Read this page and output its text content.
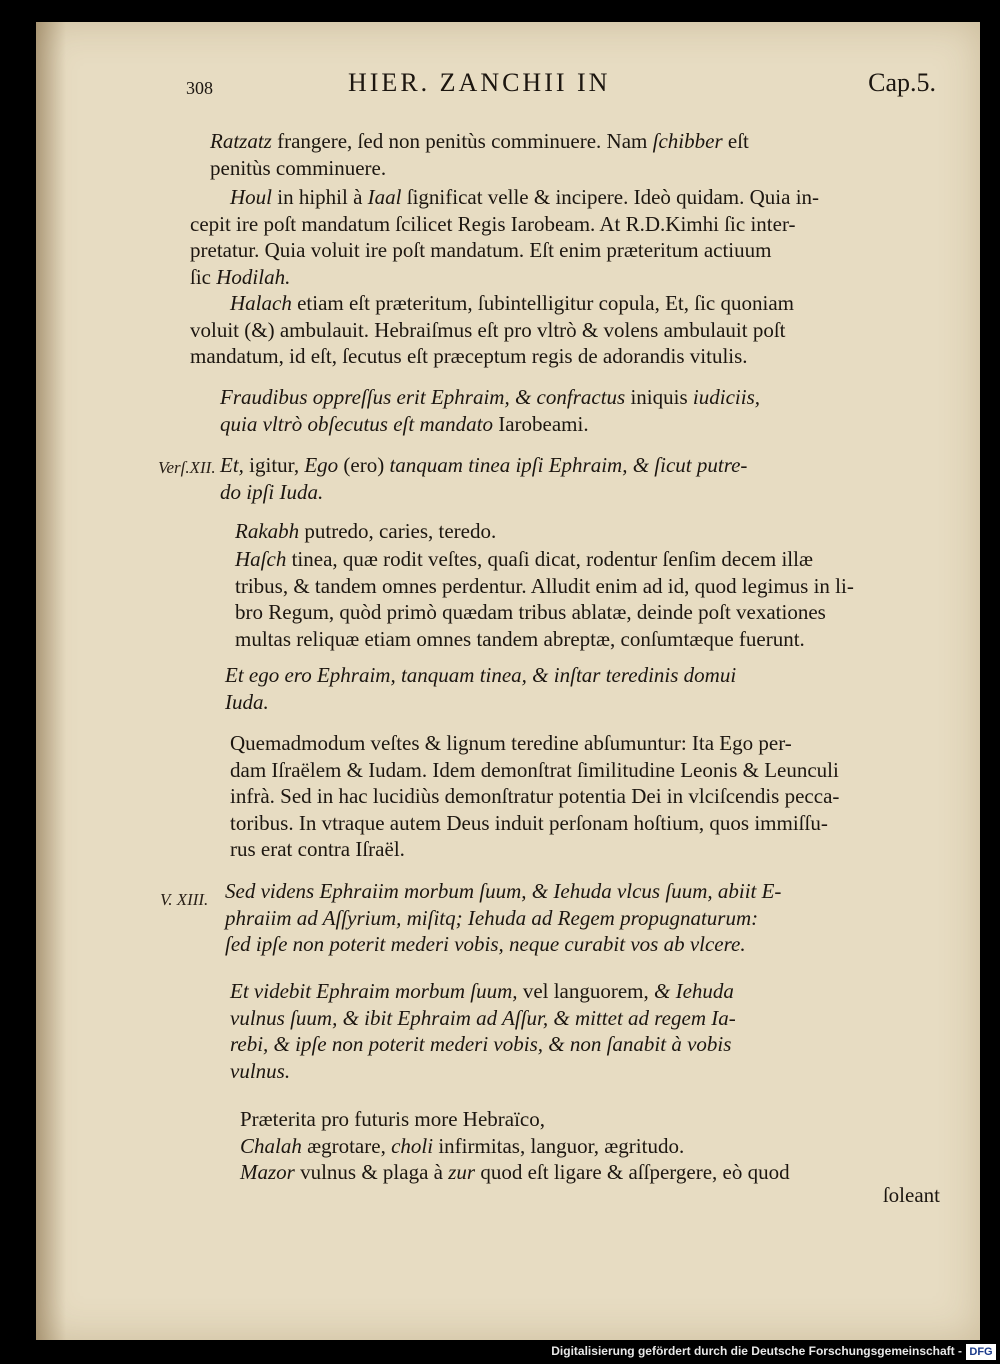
308	HIER. ZANCHII IN	Cap.5.
Verſ.XII.
V. XIII.
Ratzatz frangere, ſed non penitùs comminuere. Nam ſchibber eſt
penitùs comminuere.
Houl in hiphil à Iaal ſignificat velle & incipere. Ideò quidam. Quia in-
cepit ire poſt mandatum ſcilicet Regis Iarobeam. At R.D.Kimhi ſic inter-
pretatur. Quia voluit ire poſt mandatum. Eſt enim præteritum actiuum
ſic Hodilah.
Halach etiam eſt præteritum, ſubintelligitur copula, Et, ſic quoniam
voluit (&) ambulauit. Hebraiſmus eſt pro vltrò & volens ambulauit poſt
mandatum, id eſt, ſecutus eſt præceptum regis de adorandis vitulis.
Fraudibus oppreſſus erit Ephraim, & confractus iniquis iudiciis,
quia vltrò obſecutus eſt mandato Iarobeami.
Et, igitur, Ego (ero) tanquam tinea ipſi Ephraim, & ſicut putre-
do ipſi Iuda.
Rakabh putredo, caries, teredo.
Haſch tinea, quæ rodit veſtes, quaſi dicat, rodentur ſenſim decem illæ
tribus, & tandem omnes perdentur. Alludit enim ad id, quod legimus in li-
bro Regum, quòd primò quædam tribus ablatæ, deinde poſt vexationes
multas reliquæ etiam omnes tandem abreptæ, conſumtæque fuerunt.
Et ego ero Ephraim, tanquam tinea, & inſtar teredinis domui
Iuda.
Quemadmodum veſtes & lignum teredine abſumuntur: Ita Ego per-
dam Iſraëlem & Iudam. Idem demonſtrat ſimilitudine Leonis & Leunculi
infrà. Sed in hac lucidiùs demonſtratur potentia Dei in vlciſcendis pecca-
toribus. In vtraque autem Deus induit perſonam hoſtium, quos immiſſu-
rus erat contra Iſraël.
Sed videns Ephraiim morbum ſuum, & Iehuda vlcus ſuum, abiit E-
phraiim ad Aſſyrium, miſitq; Iehuda ad Regem propugnaturum:
ſed ipſe non poterit mederi vobis, neque curabit vos ab vlcere.
Et videbit Ephraim morbum ſuum, vel languorem, & Iehuda
vulnus ſuum, & ibit Ephraim ad Aſſur, & mittet ad regem Ia-
rebi, & ipſe non poterit mederi vobis, & non ſanabit à vobis
vulnus.
Præterita pro futuris more Hebraïco,
Chalah ægrotare, choli infirmitas, languor, ægritudo.
Mazor vulnus & plaga à zur quod eſt ligare & aſſpergere, eò quod
ſoleant
Digitalisierung gefördert durch die Deutsche Forschungsgemeinschaft - DFG
